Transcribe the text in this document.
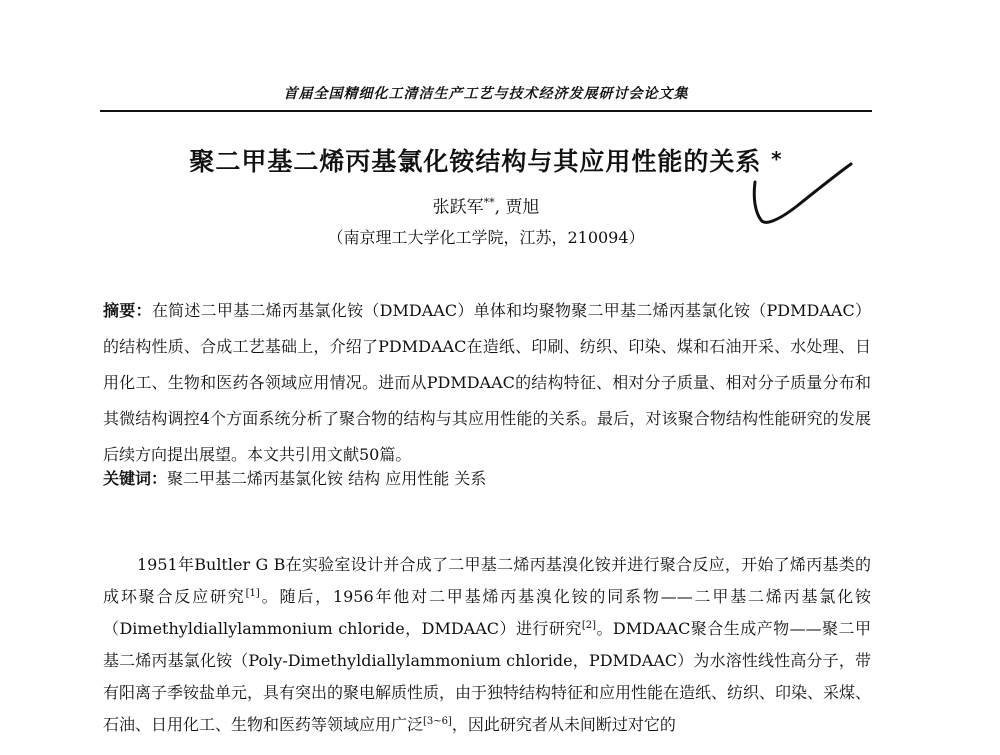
首届全国精细化工清洁生产工艺与技术经济发展研讨会论文集
聚二甲基二烯丙基氯化铵结构与其应用性能的关系 *
张跃军**, 贾旭
（南京理工大学化工学院，江苏，210094）
摘要：在简述二甲基二烯丙基氯化铵（DMDAAC）单体和均聚物聚二甲基二烯丙基氯化铵（PDMDAAC）的结构性质、合成工艺基础上，介绍了PDMDAAC在造纸、印刷、纺织、印染、煤和石油开采、水处理、日用化工、生物和医药各领域应用情况。进而从PDMDAAC的结构特征、相对分子质量、相对分子质量分布和其微结构调控4个方面系统分析了聚合物的结构与其应用性能的关系。最后，对该聚合物结构性能研究的发展后续方向提出展望。本文共引用文献50篇。
关键词：聚二甲基二烯丙基氯化铵 结构 应用性能 关系
1951年Bultler G B在实验室设计并合成了二甲基二烯丙基溴化铵并进行聚合反应，开始了烯丙基类的成环聚合反应研究[1]。随后，1956年他对二甲基烯丙基溴化铵的同系物——二甲基二烯丙基氯化铵（Dimethyldiallylammonium chloride，DMDAAC）进行研究[2]。DMDAAC聚合生成产物——聚二甲基二烯丙基氯化铵（Poly-Dimethyldiallylammonium chloride，PDMDAAC）为水溶性线性高分子，带有阳离子季铵盐单元，具有突出的聚电解质性质，由于独特结构特征和应用性能在造纸、纺织、印染、采煤、石油、日用化工、生物和医药等领域应用广泛[3~6]，因此研究者从未间断过对它的
